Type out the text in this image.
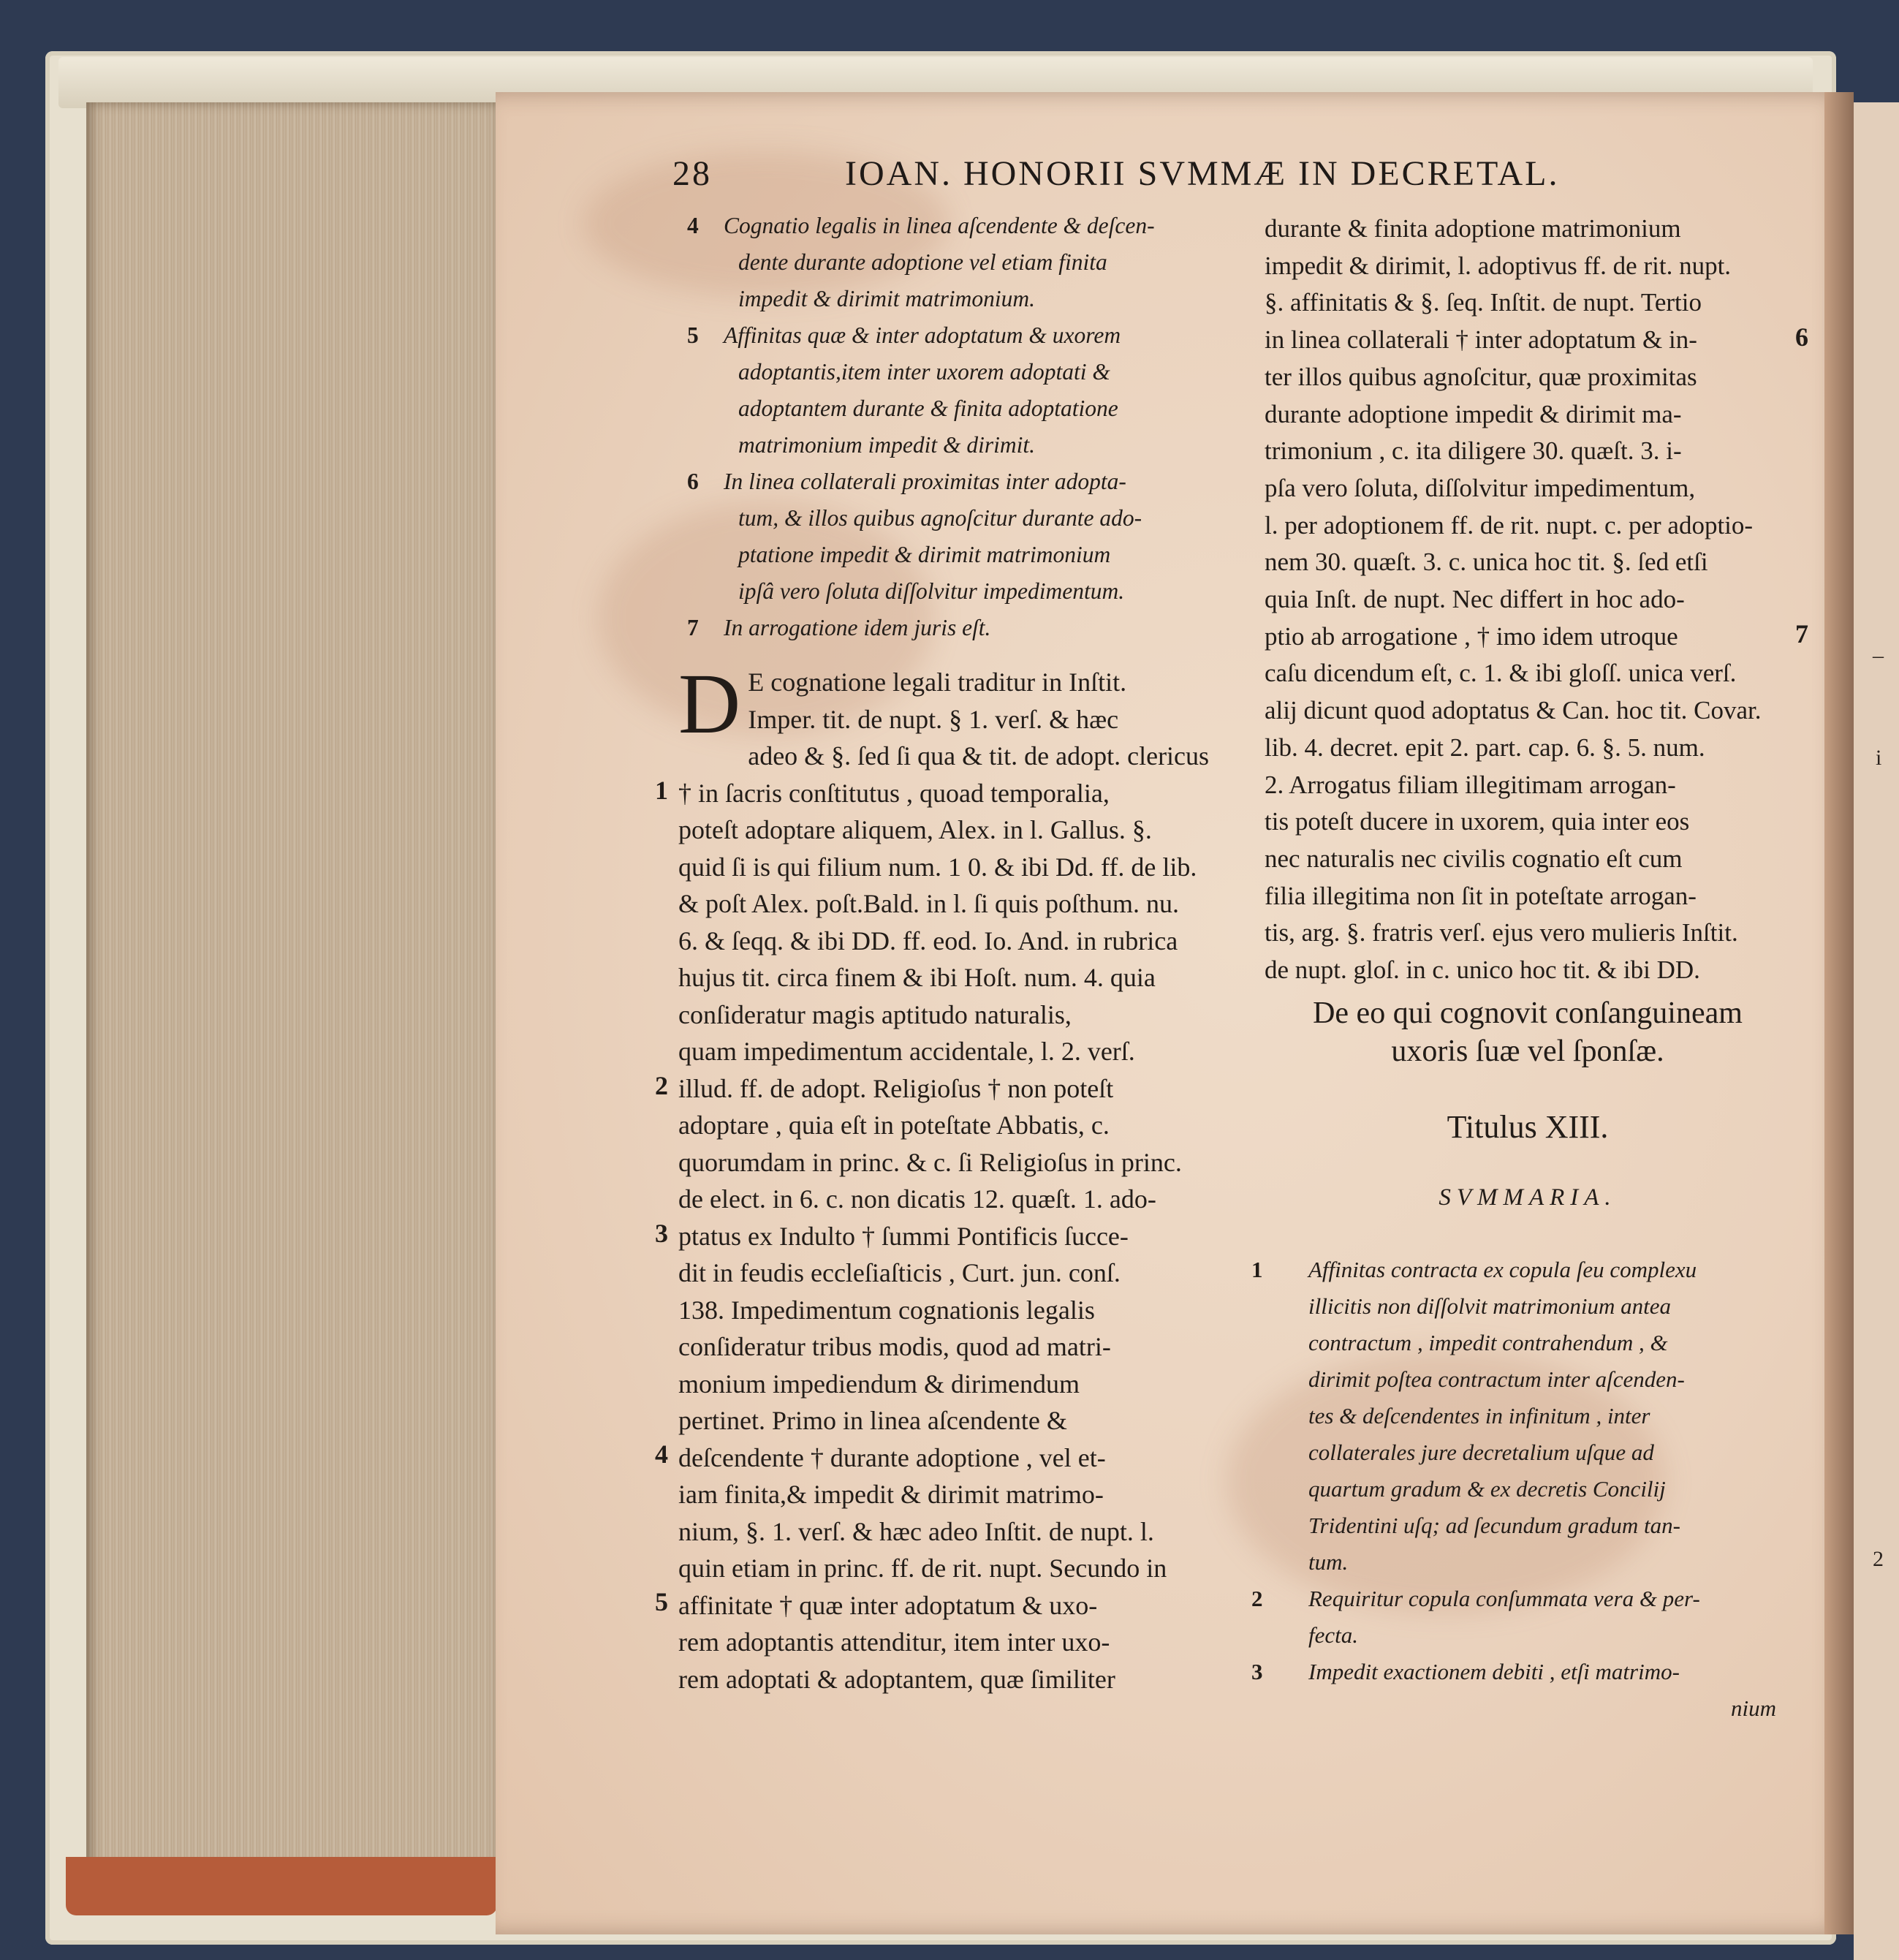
–
i
2
28	IOAN. HONORII SVMMÆ IN DECRETAL.
4 Cognatio legalis in linea aſcendente & deſcen-
dente durante adoptione vel etiam finita
impedit & dirimit matrimonium.
5 Affinitas quæ & inter adoptatum & uxorem
adoptantis,item inter uxorem adoptati &
adoptantem durante & finita adoptatione
matrimonium impedit & dirimit.
6 In linea collaterali proximitas inter adopta-
tum, & illos quibus agnoſcitur durante ado-
ptatione impedit & dirimit matrimonium
ipſâ vero ſoluta diſſolvitur impedimentum.
7 In arrogatione idem juris eſt.
D E cognatione legali traditur in Inſtit.
Imper. tit. de nupt. § 1. verſ. & hæc
adeo & §. ſed ſi qua & tit. de adopt. clericus
† in ſacris conſtitutus , quoad temporalia,
poteſt adoptare aliquem, Alex. in l. Gallus. §.
quid ſi is qui filium num. 1 0. & ibi Dd. ff. de lib.
& poſt Alex. poſt.Bald. in l. ſi quis poſthum. nu.
6. & ſeqq. & ibi DD. ff. eod. Io. And. in rubrica
hujus tit. circa finem & ibi Hoſt. num. 4. quia
conſideratur magis aptitudo naturalis,
quam impedimentum accidentale, l. 2. verſ.
illud. ff. de adopt. Religioſus † non poteſt
adoptare , quia eſt in poteſtate Abbatis, c.
quorumdam in princ. & c. ſi Religioſus in princ.
de elect. in 6. c. non dicatis 12. quæſt. 1. ado-
ptatus ex Indulto † ſummi Pontificis ſucce-
dit in feudis eccleſiaſticis , Curt. jun. conſ.
138. Impedimentum cognationis legalis
conſideratur tribus modis, quod ad matri-
monium impediendum & dirimendum
pertinet. Primo in linea aſcendente &
deſcendente † durante adoptione , vel et-
iam finita,& impedit & dirimit matrimo-
nium, §. 1. verſ. & hæc adeo Inſtit. de nupt. l.
quin etiam in princ. ff. de rit. nupt. Secundo in
affinitate † quæ inter adoptatum & uxo-
rem adoptantis attenditur, item inter uxo-
rem adoptati & adoptantem, quæ ſimiliter
1
2
3
4
5
durante & finita adoptione matrimonium
impedit & dirimit, l. adoptivus ff. de rit. nupt.
§. affinitatis & §. ſeq. Inſtit. de nupt. Tertio
in linea collaterali † inter adoptatum & in-
ter illos quibus agnoſcitur, quæ proximitas
durante adoptione impedit & dirimit ma-
trimonium , c. ita diligere 30. quæſt. 3. i-
pſa vero ſoluta, diſſolvitur impedimentum,
l. per adoptionem ff. de rit. nupt. c. per adoptio-
nem 30. quæſt. 3. c. unica hoc tit. §. ſed etſi
quia Inſt. de nupt. Nec differt in hoc ado-
ptio ab arrogatione , † imo idem utroque
caſu dicendum eſt, c. 1. & ibi gloſſ. unica verſ.
alij dicunt quod adoptatus & Can. hoc tit. Covar.
lib. 4. decret. epit 2. part. cap. 6. §. 5. num.
2. Arrogatus filiam illegitimam arrogan-
tis poteſt ducere in uxorem, quia inter eos
nec naturalis nec civilis cognatio eſt cum
filia illegitima non ſit in poteſtate arrogan-
tis, arg. §. fratris verſ. ejus vero mulieris Inſtit.
de nupt. gloſ. in c. unico hoc tit. & ibi DD.
6
7
De eo qui cognovit conſanguineam
uxoris ſuæ vel ſponſæ.
Titulus XIII.
SVMMARIA.
1 Affinitas contracta ex copula ſeu complexu
illicitis non diſſolvit matrimonium antea
contractum , impedit contrahendum , &
dirimit poſtea contractum inter aſcenden-
tes & deſcendentes in infinitum , inter
collaterales jure decretalium uſque ad
quartum gradum & ex decretis Concilij
Tridentini uſq; ad ſecundum gradum tan-
tum.
2 Requiritur copula conſummata vera & per-
fecta.
3 Impedit exactionem debiti , etſi matrimo-
nium
